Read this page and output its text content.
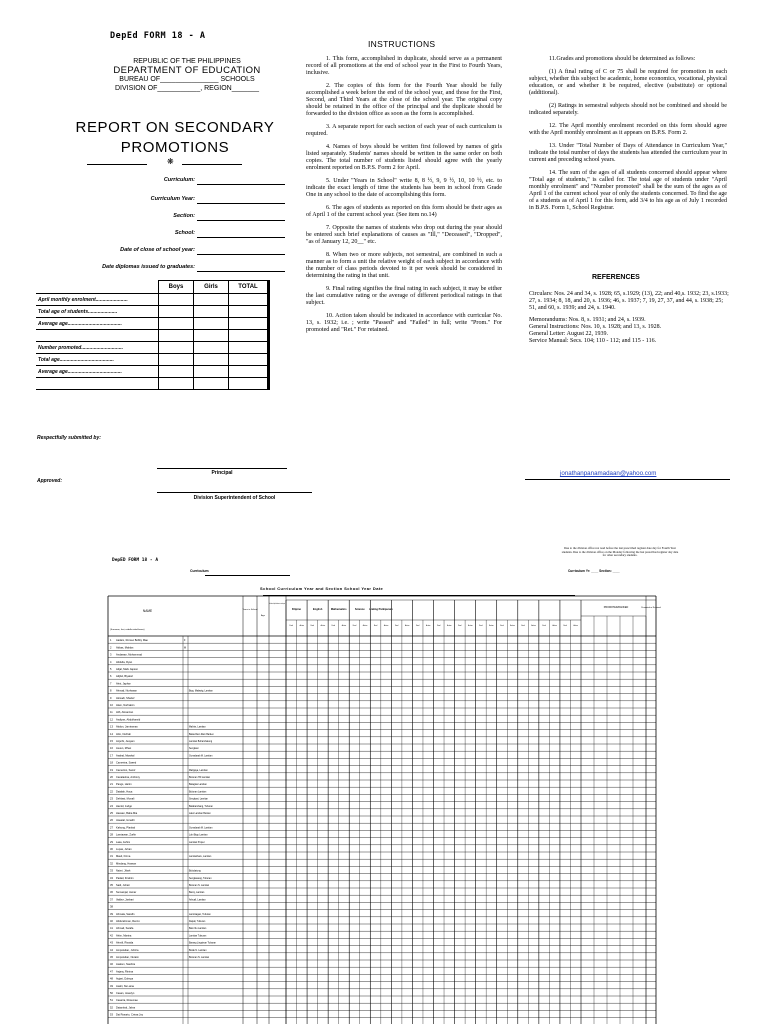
DepEd FORM 18 - A
REPUBLIC OF THE PHILIPPINES
DEPARTMENT OF EDUCATION
BUREAU OF_______________ SCHOOLS
DIVISION OF___________, REGION_______
REPORT ON SECONDARY
PROMOTIONS
❋
Curriculum:
Curriculum Year:
Section:
School:
Date of close of school year:
Date diplomas issued to graduates:
	Boys	Girls	TOTAL
April monthly enrolment.......................			
Total age of students.....................			
Average age.......................................			

Number promoted..............................			
Total age.......................................			
Average age.......................................			

Respectfully submitted by:
Principal
Approved:
Division Superintendent of School
INSTRUCTIONS

1. This form, accomplished in duplicate, should serve as a permanent record of all promotions at the end of school year in the First to Fourth Years, inclusive.

2. The copies of this form for the Fourth Year should be fully accomplished a week before the end of the school year, and those for the First, Second, and Third Years at the close of the school year. The original copy should be retained in the office of the principal and the duplicate should be forwarded to the division office as soon as the form is accomplished.

3. A separate report for each section of each year of each curriculum is required.

4. Names of boys should be written first followed by names of girls listed separately. Students' names should be written in the same order on both copies. The total number of students listed should agree with the yearly enrolment reported on B.P.S. Form 2 for April.

5. Under "Years in School" write 8, 8 ½, 9, 9 ½, 10, 10 ½, etc. to indicate the exact length of time the students has been in school from Grade One in any school to the date of accomplishing this form.

6. The ages of students as reported on this form should be their ages as of April 1 of the current school year. (See item no.14)

7. Opposite the names of students who drop out during the year should be entered such brief explanations of causes as "Ill," "Deceased", "Dropped", "as of January 12, 20__" etc.

8. When two or more subjects, not semestral, are combined in such a manner as to form a unit the relative weight of each subject in accordance with the number of class periods devoted to it per week should be considered in determining the rating in that unit.

9. Final rating signifies the final rating in each subject, it may be either the last cumulative rating or the average of different periodical ratings in that subject.

10. Action taken should be indicated in accordance with curricular No. 13, s. 1932; i.e. ; write "Passed" and "Failed" in full; write "Prom." For promoted and "Ret." For retained.

11.Grades and promotions should be determined as follows:

(1) A final rating of C or 75 shall be required for promotion in each subject, whether this subject be academic, home economics, vocational, physical education, or and whether it be required, elective (substitute) or optional (additional).

(2) Ratings in semestral subjects should not be combined and should be indicated separately.

12. The April monthly enrolment recorded on this form should agree with the April monthly enrolment as it appears on B.P.S. Form 2.

13. Under "Total Number of Days of Attendance in Curriculum Year," indicate the total number of days the students has attended the curriculum year in current and preceding school years.

14. The sum of the ages of all students concerned should appear where "Total age of students," is called for. The total age of students under "April monthly enrolment" and "Number promoted" shall be the sum of the ages as of April 1 of the current school year of only the students concerned. To find the age of a students as of April 1 for this form, add 3/4 to his age as of July 1 recorded in B.P.S. Form 1, School Registrar.

REFERENCES

Circulars: Nos. 24 and 34, s. 1928; 65, s.1929; (13), 22; and 40,s. 1932; 23, s.1933; 27, s. 1934; 8, 18, and 20, s. 1936; 46, s. 1937; 7, 19, 27, 37, and 44, s. 1938; 25; 51, and 60, s. 1939; and 24, s. 1940.

Memorandums: Nos. 8, s. 1931; and 24, s. 1939.

General Instructions: Nos. 10, s. 1928; and 13, s. 1928.

General Letter: August 22, 1939.

Service Manual: Secs. 104; 110 - 112; and 115 - 116.

jonathanpanamadaan@yahoo.com
DepED FORM 18 - A
Curriculum
Due to the division office not read before the last prescribed register date day for Fourth Year students. Due to the division office on the Monday following the last prescribed register day date for other secondary students.
Curriculum Yr: ____ Section: ____
School Curriculum Year and Section School Year Date
NAME
(Surname, first, middle-initial/name)
Years in School
Age
Total number of days of attendance in curriculum year
Filipino	English	Mathematics	Science Araling Panlipunan
Final	Action	Final	Action	Final	Action	Final	Action	Final	Action	Final	Action	Final	Action	Final	Action	Final	Action	Final	Action	Final	Action	Final	Action	Final	Action	Final	Action
PROMOTED/RANKED	Promoted or Retained
1 Aadam, Romeo Bobby Mae	F
2 Abbas, Mahlan	M
3 Andawan, Mohammad
4 Abdulla, Ryan
5 Adjal, Mark Japson
6 Adjilul, Biyatori
7 Ahni, Japhar
8 Ahmad, Nurhasan	Brgy. Malawig, Lamitan
9 Akmadi, Sharief
10 Alam, Nurhakim
11 Alih, Almanzan
12 Asdiyan, Abdulhamid
13 Abdon, Jamiramas	Malinis, Lamitan
14 Alim, Nurhali	Balas Ram Ram Barden
15 Anjurbi, Juayam	Lamitan Bohambatung
16 Asuun, Mhac	Sengkasi
17 Asahal, Mwahal	Gumalarab M. Lamitan
18 Camerina, Saeed
19 Camerino, Samir	Maligaya, Lamitan
20 Canalaolna, Anthony	Bulunan Hill Lamitan
21 Pangs, Harim	Balagtas Lamitan
22 Datalak, Hoya	Bulunan Lamitan
23 Dehlawi, Munali	Sengkasi, Lamitan
24 Hamid, Judgo	Balabambang, Tuburan
25 Hassan, Baba Mia	Lako Lamitan Barden
26 Jawatal, Ismathi
27 Kahong, Planbal	Gumalarab M. Lamitan
28 Lamtawan, Zurfin	Lobi Brgy Lamitan
29 Lasa, Ashim	Lamitan Proper
30 Lupas, Juhan
31 Mauli, Firma	Lamitanbaru, Lamitan
32 Mindang, Hassan
33 Naimi, Jibah	Buludatung
34 Padad, Ibrahim	Sengkasang, Tuburan
35 Said, Juhari	Bulunan N. Lamitan
36 Sumamjal, Jamar	Baroy, Lamitan
37 Valdez, Janhari	Arbuali, Lamitan
38
39 Ahmala, Sarafin	Lamintagan, Tuburan
40 Abdurahman, Renzo	Dapali, Tuburan
41 Ahmad, Sarafa	Balo Ibu Lamitan
42 Ahim, Marina	Lamitan Tuburan
43 Ahmili, Rizaida	Barang Linguisan Tuburan
44 Ampuludan, Juhirra	Bulak N. Lamitan
45 Ampuludan, Nuraim	Bulunan N. Lamitan
46 Asalom, Nashira
47 Asjany, Rimina
48 Ayjasi, Duhsya
49 Asahi, Nur-aina
50 Casan, Jewelyn
51 Casarra, Rosemae
52 Datambal, Jahra
53 Dai Rosario, Crissa Joy
